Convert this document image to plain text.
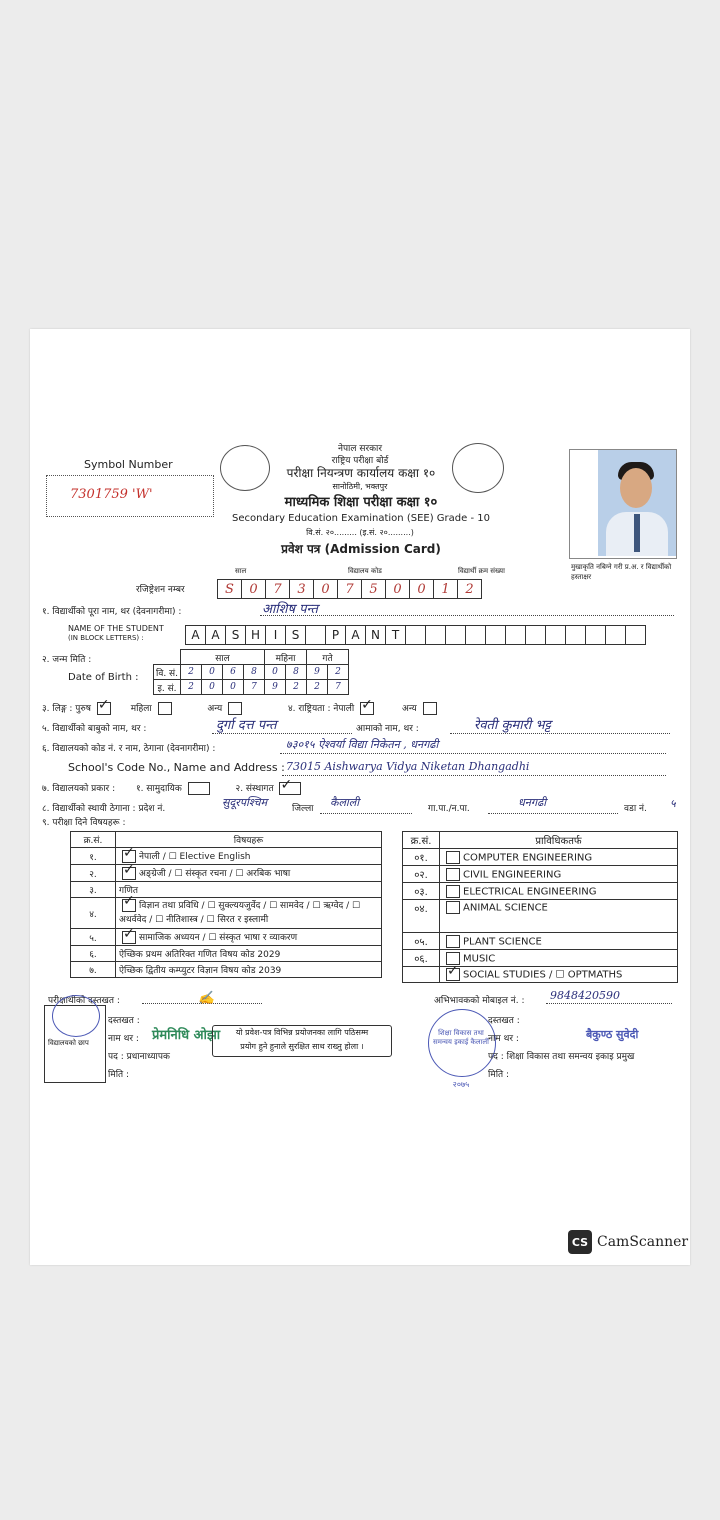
Symbol Number
7301759 'W'
नेपाल सरकार
राष्ट्रिय परीक्षा बोर्ड
परीक्षा नियन्त्रण कार्यालय कक्षा १०
सानोठिमी, भक्तपुर
माध्यमिक शिक्षा परीक्षा कक्षा १०
Secondary Education Examination (SEE) Grade - 10
वि.सं. २०......... (इ.सं. २०.........)
प्रवेश पत्र (Admission Card)
मुखाकृति नबिग्ने गरी प्र.अ. र विद्यार्थीको हस्ताक्षर
साल	विद्यालय कोड	विद्यार्थी क्रम संख्या
रजिष्ट्रेशन नम्बर	S	0	7	3	0	7	5	0	0	1	2
१. विद्यार्थीको पूरा नाम, थर (देवनागरीमा) :	आशिष पन्त
NAME OF THE STUDENT
(IN BLOCK LETTERS) :	A A	S H	I	S	P	A N T
२. जन्म मिति :
Date of Birth :
	साल				महिना		गते	
वि. सं.	2	0	6	8	0	8	9	2
इ. सं.	2	0	0	7	9	2	2	7
३. लिङ्ग : पुरुष ✓	महिला	अन्य	४. राष्ट्रियता : नेपाली ✓	अन्य
५. विद्यार्थीको बाबुको नाम, थर :	दुर्गा दत्त पन्त	आमाको नाम, थर :	रेवती कुमारी भट्ट
६. विद्यालयको कोड नं. र नाम, ठेगाना (देवनागरीमा) :	७३०१५ ऐश्वर्या विद्या निकेतन , धनगढी
School's Code No., Name and Address : 73015 Aishwarya Vidya Niketan Dhangadhi
७. विद्यालयको प्रकार : १. सामुदायिक	२. संस्थागत ✓
८. विद्यार्थीको स्थायी ठेगाना : प्रदेश नं.	सुदूरपश्चिम	जिल्ला कैलाली	गा.पा./न.पा.	धनगढी	वडा नं. ५
९. परीक्षा दिने विषयहरू :
क्र.सं.	विषयहरू
१.	✓नेपाली / ☐ Elective English
२.	✓अङ्ग्रेजी / ☐ संस्कृत रचना / ☐ अरबिक भाषा
३.	गणित
४.	✓विज्ञान तथा प्रविधि / ☐ सुक्ल्ययजुर्वेद / ☐ सामवेद / ☐ ऋग्वेद / ☐ अथर्ववेद / ☐ नीतिशास्त्र / ☐ सिरत र इस्लामी
५.	✓सामाजिक अध्ययन / ☐ संस्कृत भाषा र व्याकरण
६.	ऐच्छिक प्रथम अतिरिक्त गणित विषय कोड 2029
७.	ऐच्छिक द्वितीय कम्प्युटर विज्ञान विषय कोड 2039
क्र.सं.	प्राविधिकतर्फ
०१.	COMPUTER ENGINEERING
०२.	CIVIL ENGINEERING
०३.	ELECTRICAL ENGINEERING
०४.	ANIMAL SCIENCE
०५.	PLANT SCIENCE
०६.	MUSIC
	✓SOCIAL STUDIES / ☐ OPTMATHS
परीक्षार्थीको दस्तखत :
विद्यालयको छाप
दस्तखत :
नाम थर : प्रेमनिधि ओझा
पद : प्रधानाध्यापक
मिति :
✍
यो प्रवेश-पत्र विभिन्न प्रयोजनका लागि पठिसम्म
प्रयोग हुने हुनाले सुरक्षित साथ राख्नु होला ।
अभिभावकको मोबाइल नं. : 9848420590
शिक्षा विकास तथा समन्वय इकाई कैलाली
२०७५
दस्तखत :
नाम थर :	बैकुण्ठ सुवेदी
पद : शिक्षा विकास तथा समन्वय इकाइ प्रमुख
मिति :
CS CamScanner
